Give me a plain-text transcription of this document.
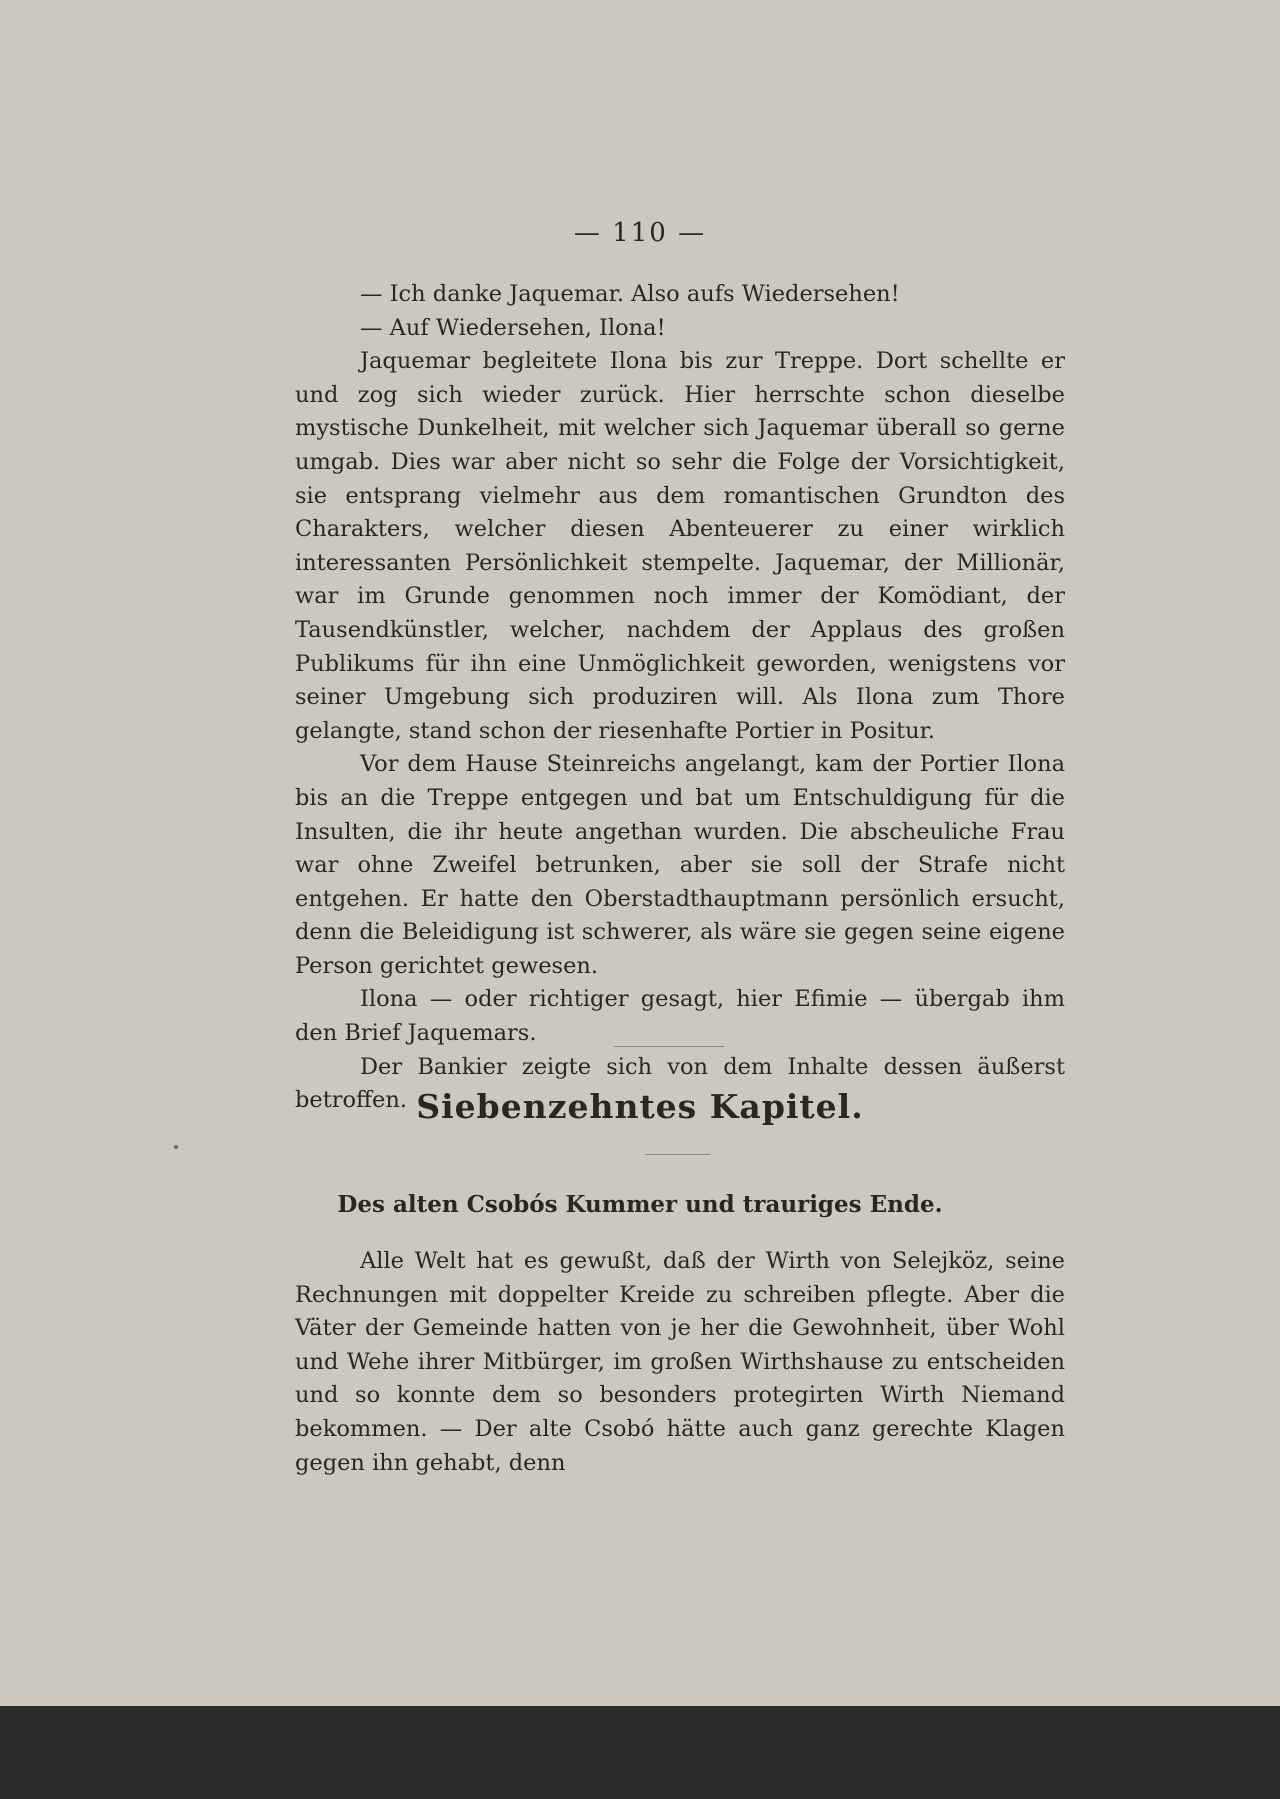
— 110 —

— Ich danke Jaquemar. Also aufs Wiedersehen!

— Auf Wiedersehen, Ilona!

Jaquemar begleitete Ilona bis zur Treppe. Dort schellte er und zog sich wieder zurück. Hier herrschte schon dieselbe mystische Dunkelheit, mit welcher sich Jaquemar überall so gerne umgab. Dies war aber nicht so sehr die Folge der Vorsichtigkeit, sie entsprang vielmehr aus dem romantischen Grundton des Charakters, welcher diesen Abenteuerer zu einer wirklich interessanten Persönlichkeit stempelte. Jaquemar, der Millionär, war im Grunde genommen noch immer der Komödiant, der Tausendkünstler, welcher, nachdem der Applaus des großen Publikums für ihn eine Unmöglichkeit geworden, wenigstens vor seiner Umgebung sich produziren will. Als Ilona zum Thore gelangte, stand schon der riesenhafte Portier in Positur.

Vor dem Hause Steinreichs angelangt, kam der Portier Ilona bis an die Treppe entgegen und bat um Entschuldigung für die Insulten, die ihr heute angethan wurden. Die abscheuliche Frau war ohne Zweifel betrunken, aber sie soll der Strafe nicht entgehen. Er hatte den Oberstadthauptmann persönlich ersucht, denn die Beleidigung ist schwerer, als wäre sie gegen seine eigene Person gerichtet gewesen.

Ilona — oder richtiger gesagt, hier Efimie — übergab ihm den Brief Jaquemars.

Der Bankier zeigte sich von dem Inhalte dessen äußerst betroffen. Siebenzehntes Kapitel.
Des alten Csobós Kummer und trauriges Ende.

Alle Welt hat es gewußt, daß der Wirth von Selejköz, seine Rechnungen mit doppelter Kreide zu schreiben pflegte. Aber die Väter der Gemeinde hatten von je her die Gewohnheit, über Wohl und Wehe ihrer Mitbürger, im großen Wirthshause zu entscheiden und so konnte dem so besonders protegirten Wirth Niemand bekommen. — Der alte Csobó hätte auch ganz gerechte Klagen gegen ihn gehabt, denn
